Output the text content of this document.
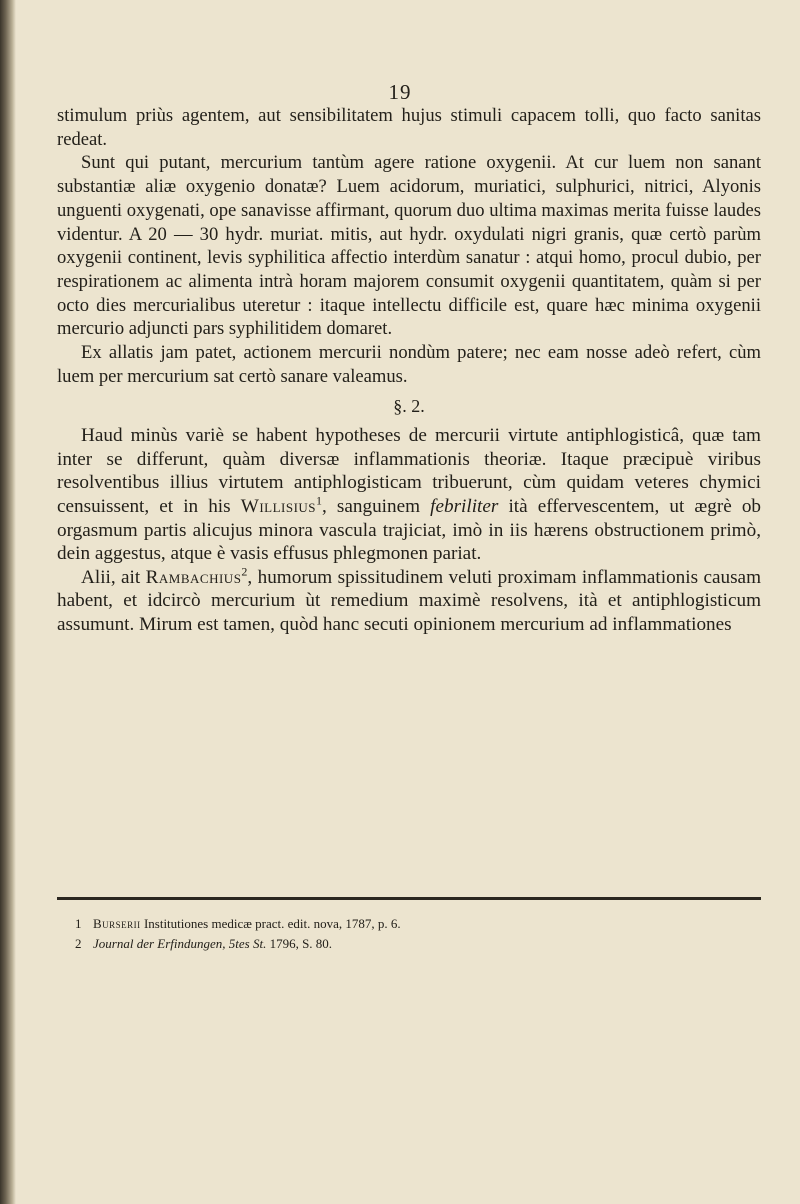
19

stimulum priùs agentem, aut sensibilitatem hujus stimuli capacem tolli, quo facto sanitas redeat.

Sunt qui putant, mercurium tantùm agere ratione oxygenii. At cur luem non sanant substantiæ aliæ oxygenio donatæ? Luem acidorum, muriatici, sulphurici, nitrici, Alyonis unguenti oxygenati, ope sanavisse affirmant, quorum duo ultima maximas merita fuisse laudes videntur. A 20 — 30 hydr. muriat. mitis, aut hydr. oxydulati nigri granis, quæ certò parùm oxygenii continent, levis syphilitica affectio interdùm sanatur : atqui homo, procul dubio, per respirationem ac alimenta intrà horam majorem consumit oxygenii quantitatem, quàm si per octo dies mercurialibus uteretur : itaque intellectu difficile est, quare hæc minima oxygenii mercurio adjuncti pars syphilitidem domaret.

Ex allatis jam patet, actionem mercurii nondùm patere; nec eam nosse adeò refert, cùm luem per mercurium sat certò sanare valeamus.

§. 2.

Haud minùs variè se habent hypotheses de mercurii virtute antiphlogisticâ, quæ tam inter se differunt, quàm diversæ inflammationis theoriæ. Itaque præcipuè viribus resolventibus illius virtutem antiphlogisticam tribuerunt, cùm quidam veteres chymici censuissent, et in his Willisius$^1$, sanguinem febriliter ità effervescentem, ut ægrè ob orgasmum partis alicujus minora vascula trajiciat, imò in iis hærens obstructionem primò, dein aggestus, atque è vasis effusus phlegmonen pariat.

Alii, ait Rambachius$^2$, humorum spissitudinem veluti proximam inflammationis causam habent, et idcircò mercurium ùt remedium maximè resolvens, ità et antiphlogisticum assumunt. Mirum est tamen, quòd hanc secuti opinionem mercurium ad inflammationes

1 Burserii Institutiones medicæ pract. edit. nova, 1787, p. 6.
2 Journal der Erfindungen, 5tes St. 1796, S. 80.
